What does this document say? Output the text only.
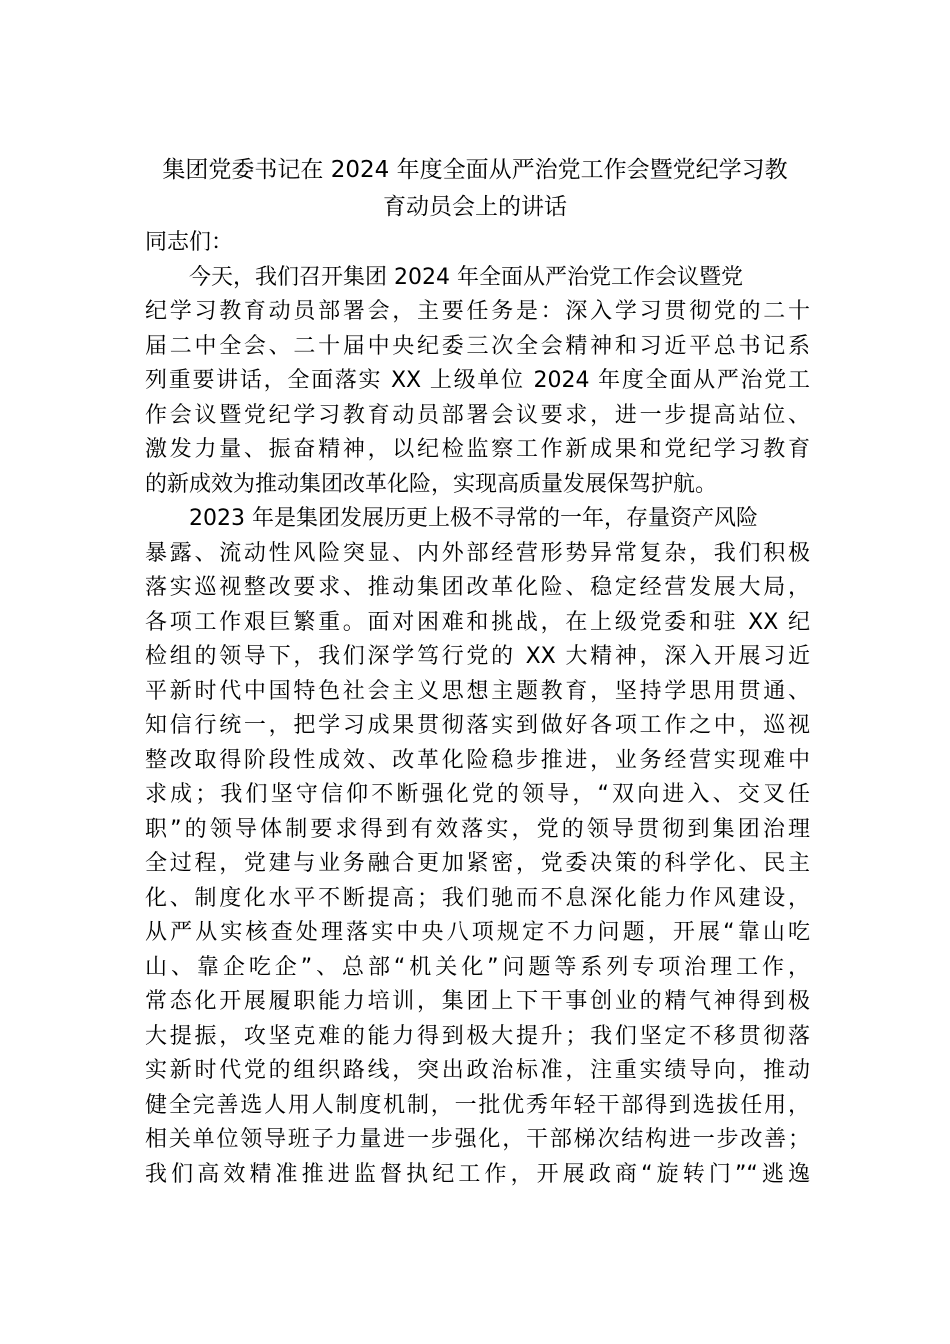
集团党委书记在 2024 年度全面从严治党工作会暨党纪学习教
育动员会上的讲话
同志们：
今天，我们召开集团 2024 年全面从严治党工作会议暨党
纪学习教育动员部署会，主要任务是：深入学习贯彻党的二十
届二中全会、二十届中央纪委三次全会精神和习近平总书记系
列重要讲话，全面落实 XX 上级单位 2024 年度全面从严治党工
作会议暨党纪学习教育动员部署会议要求，进一步提高站位、
激发力量、振奋精神，以纪检监察工作新成果和党纪学习教育
的新成效为推动集团改革化险，实现高质量发展保驾护航。
2023 年是集团发展历更上极不寻常的一年，存量资产风险
暴露、流动性风险突显、内外部经营形势异常复杂，我们积极
落实巡视整改要求、推动集团改革化险、稳定经营发展大局，
各项工作艰巨繁重。面对困难和挑战，在上级党委和驻 XX 纪
检组的领导下，我们深学笃行党的 XX 大精神，深入开展习近
平新时代中国特色社会主义思想主题教育，坚持学思用贯通、
知信行统一，把学习成果贯彻落实到做好各项工作之中，巡视
整改取得阶段性成效、改革化险稳步推进，业务经营实现难中
求成；我们坚守信仰不断强化党的领导，“双向进入、交叉任
职”的领导体制要求得到有效落实，党的领导贯彻到集团治理
全过程，党建与业务融合更加紧密，党委决策的科学化、民主
化、制度化水平不断提高；我们驰而不息深化能力作风建设，
从严从实核查处理落实中央八项规定不力问题，开展“靠山吃
山、靠企吃企”、总部“机关化”问题等系列专项治理工作，
常态化开展履职能力培训，集团上下干事创业的精气神得到极
大提振，攻坚克难的能力得到极大提升；我们坚定不移贯彻落
实新时代党的组织路线，突出政治标准，注重实绩导向，推动
健全完善选人用人制度机制，一批优秀年轻干部得到选拔任用，
相关单位领导班子力量进一步强化，干部梯次结构进一步改善；
我们高效精准推进监督执纪工作，开展政商“旋转门”“逃逸
